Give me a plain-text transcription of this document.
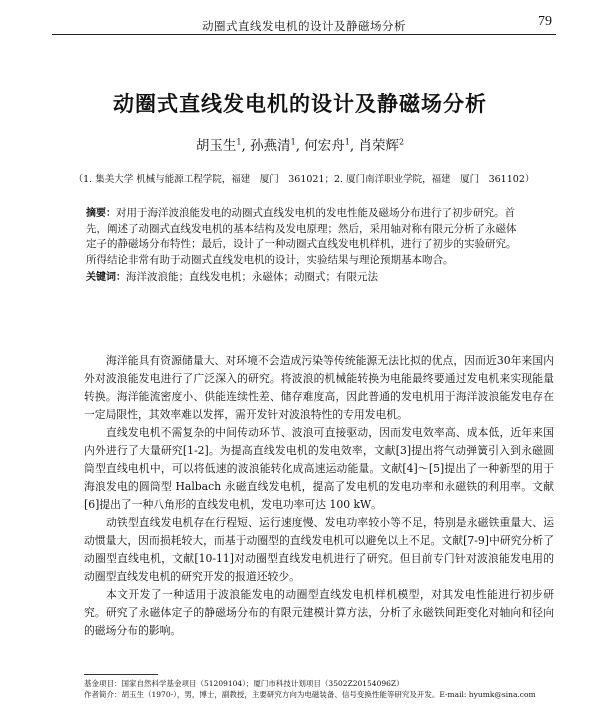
动圈式直线发电机的设计及静磁场分析	79
动圈式直线发电机的设计及静磁场分析
胡玉生$^1$, 孙燕清$^1$, 何宏舟$^1$, 肖荣辉$^2$
（1. 集美大学 机械与能源工程学院，福建　厦门　361021；2. 厦门南洋职业学院，福建　厦门　361102）
摘要：对用于海洋波浪能发电的动圈式直线发电机的发电性能及磁场分布进行了初步研究。首先，阐述了动圈式直线发电机的基本结构及发电原理；然后，采用轴对称有限元分析了永磁体定子的静磁场分布特性；最后，设计了一种动圈式直线发电机样机，进行了初步的实验研究。所得结论非常有助于动圈式直线发电机的设计，实验结果与理论预期基本吻合。
关键词：海洋波浪能；直线发电机；永磁体；动圈式；有限元法

海洋能具有资源储量大、对环境不会造成污染等传统能源无法比拟的优点，因而近30年来国内外对波浪能发电进行了广泛深入的研究。将波浪的机械能转换为电能最终要通过发电机来实现能量转换。海洋能流密度小、供能连续性差、储存难度高，因此普通的发电机用于海洋波浪能发电存在一定局限性，其效率难以发挥，需开发针对波浪特性的专用发电机。

直线发电机不需复杂的中间传动环节、波浪可直接驱动，因而发电效率高、成本低，近年来国内外进行了大量研究[1-2]。为提高直线发电机的发电效率，文献[3]提出将气动弹簧引入到永磁圆筒型直线电机中，可以将低速的波浪能转化成高速运动能量。文献[4]～[5]提出了一种新型的用于海浪发电的圆筒型 Halbach 永磁直线发电机，提高了发电机的发电功率和永磁铁的利用率。文献[6]提出了一种八角形的直线发电机，发电功率可达 100 kW。

动铁型直线发电机存在行程短、运行速度慢、发电功率较小等不足，特别是永磁铁重量大、运动惯量大，因而损耗较大，而基于动圈型的直线发电机可以避免以上不足。文献[7-9]中研究分析了动圈型直线电机，文献[10-11]对动圈型直线发电机进行了研究。但目前专门针对波浪能发电用的动圈型直线发电机的研究开发的报道还较少。

本文开发了一种适用于波浪能发电的动圈型直线发电机样机模型，对其发电性能进行初步研究。研究了永磁体定子的静磁场分布的有限元建模计算方法，分析了永磁铁间距变化对轴向和径向的磁场分布的影响。

基金项目：国家自然科学基金项目（51209104）；厦门市科技计划项目（3502Z20154096Z）
作者简介：胡玉生（1970-），男，博士，副教授，主要研究方向为电磁装备、信号变换性能等研究及开发。E-mail: hyumk@sina.com
